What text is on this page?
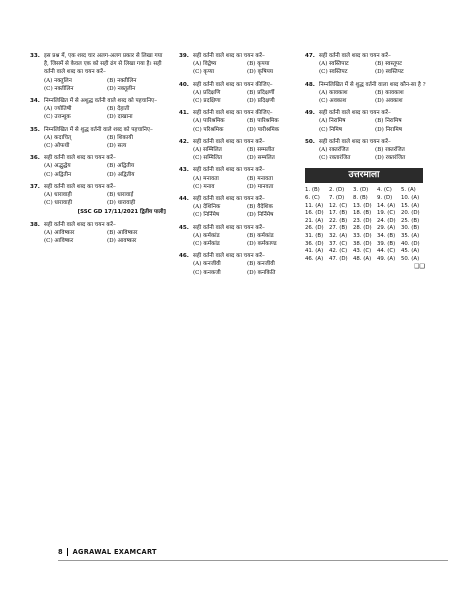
33. इस प्रश्न में, एक शब्द चार अलग-अलग प्रकार से लिखा गया है, जिसमें से केवल एक को सही ढंग से लिखा गया है। सही वर्तनी वाले शब्द का चयन करें–
(A) नक्तुलिन	(B) नक्तीलिन
(C) नक्तीलिन	(D) नक्तूलीन
34. निम्नलिखित में से अशुद्ध वर्तनी वाले शब्द को पहचानिए–
(A) ज्योतिषी	(B) देहाती
(C) उत्तन्धुक	(D) दाखाना
35. निम्नलिखित में से शुद्ध वर्तनी वाले शब्द को पहचानिए–
(A) कदाचित्	(B) शिकायी
(C) ओफधी	(D) सत्य
36. सही वर्तनी वाले शब्द का चयन करें–
(A) अद्भुद्धेय	(B) अद्वितीय
(C) अद्वितीन	(D) अद्वितीय
37. सही वर्तनी वाले शब्द का चयन करें–
(A) धारावाही	(B) धारावाई
(C) धारावाही	(D) धारावाही
[SSC GD 17/11/2021 द्वितीय पाली]
38. सही वर्तनी वाले शब्द का चयन करें–
(A) आविष्कार	(B) आविष्कार
(C) आविष्कर	(D) आवष्कार
39. सही वर्तनी वाले शब्द का चयन करें–
(A) विद्वेष्य	(B) कृपया
(C) कृप्या	(D) कृषिपय
40. सही वर्तनी वाले शब्द का चयन कीजिए–
(A) प्रदिक्षणि	(B) प्रदिक्षर्णी
(C) प्रदक्षिणा	(D) प्रदिक्षणी
41. सही वर्तनी वाले शब्द का चयन कीजिए–
(A) पारिश्रमिक	(B) पारिश्रमिक
(C) परिश्रमिक	(D) पारीश्रमिक
42. सही वर्तनी वाले शब्द का चयन करें–
(A) सम्मिलित	(B) सम्मलीत
(C) सम्मिलित	(D) सम्मलित
43. सही वर्तनी वाले शब्द का चयन करें–
(A) मनावता	(B) मनावता
(C) मनाव	(D) मानवता
44. सही वर्तनी वाले शब्द का चयन करें–
(A) देशिनिक	(B) वैदेशिक
(C) निर्निमेष	(D) निर्निमेष
45. सही वर्तनी वाले शब्द का चयन करें–
(A) कर्मकांड	(B) कर्मकांड
(C) कर्मकांड	(D) कर्मकाण्ड
46. सही वर्तनी वाले शब्द का चयन करें–
(A) कनजीवी	(B) कनजीवी
(C) कनकजी	(D) कनकिति
47. सही वर्तनी वाले शब्द का चयन करें–
(A) स्वस्तिपाट	(B) स्वस्तूपट
(C) स्वस्तिपट	(D) स्वस्तिपट
48. निम्नलिखित में से शुद्ध वर्तनी वाला शब्द कौन-सा है ?
(A) कावकाश	(B) कावकाश
(C) अवकाश	(D) अवकाश
49. सही वर्तनी वाले शब्द का चयन करें–
(A) निरामिष	(B) निरामिष
(C) निमिष	(D) निरामिष
50. सही वर्तनी वाले शब्द का चयन करें–
(A) रक्तरंजित	(B) रक्तरंजित
(C) रक्तारंजित	(D) रक्तरंजित
उत्तरमाला
1. (B)	2. (D)	3. (D)	4. (C)	5. (A)
6. (C)	7. (D)	8. (B)	9. (D)	10. (A)
11. (A)	12. (C)	13. (D) 14. (A)	15. (A)
16. (D) 17. (B)	18. (B)	19. (C)	20. (D)
21. (A)	22. (B)	23. (D) 24. (D) 25. (B)
26. (D) 27. (B)	28. (D) 29. (A)	30. (B)
31. (B)	32. (A)	33. (D) 34. (B)	35. (A)
36. (D) 37. (C)	38. (D) 39. (B)	40. (D)
41. (A)	42. (C)	43. (C)	44. (C)	45. (A)
46. (A)	47. (D) 48. (A)	49. (A)	50. (A)
❑❑
8	AGRAWAL EXAMCART
